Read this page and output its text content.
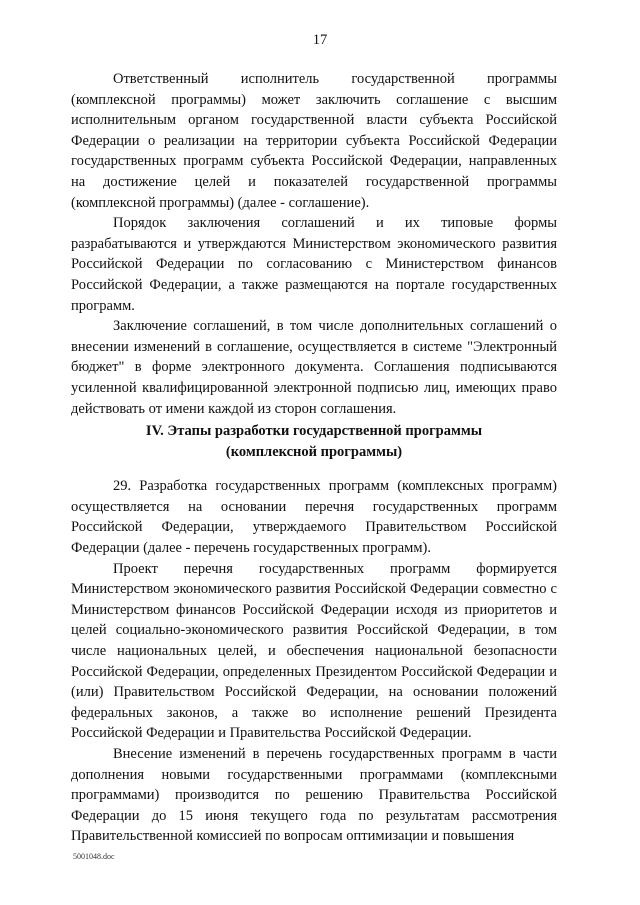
17

Ответственный исполнитель государственной программы (комплексной программы) может заключить соглашение с высшим исполнительным органом государственной власти субъекта Российской Федерации о реализации на территории субъекта Российской Федерации государственных программ субъекта Российской Федерации, направленных на достижение целей и показателей государственной программы (комплексной программы) (далее - соглашение).

Порядок заключения соглашений и их типовые формы разрабатываются и утверждаются Министерством экономического развития Российской Федерации по согласованию с Министерством финансов Российской Федерации, а также размещаются на портале государственных программ.

Заключение соглашений, в том числе дополнительных соглашений о внесении изменений в соглашение, осуществляется в системе "Электронный бюджет" в форме электронного документа. Соглашения подписываются усиленной квалифицированной электронной подписью лиц, имеющих право действовать от имени каждой из сторон соглашения.

IV. Этапы разработки государственной программы
(комплексной программы)

29. Разработка государственных программ (комплексных программ) осуществляется на основании перечня государственных программ Российской Федерации, утверждаемого Правительством Российской Федерации (далее - перечень государственных программ).

Проект перечня государственных программ формируется Министерством экономического развития Российской Федерации совместно с Министерством финансов Российской Федерации исходя из приоритетов и целей социально-экономического развития Российской Федерации, в том числе национальных целей, и обеспечения национальной безопасности Российской Федерации, определенных Президентом Российской Федерации и (или) Правительством Российской Федерации, на основании положений федеральных законов, а также во исполнение решений Президента Российской Федерации и Правительства Российской Федерации.

Внесение изменений в перечень государственных программ в части дополнения новыми государственными программами (комплексными программами) производится по решению Правительства Российской Федерации до 15 июня текущего года по результатам рассмотрения Правительственной комиссией по вопросам оптимизации и повышения

5001048.doc
